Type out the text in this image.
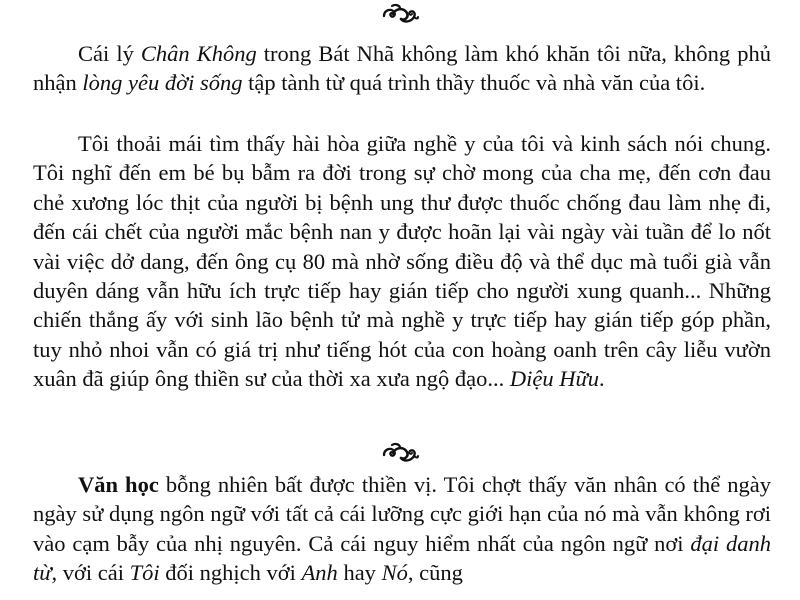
Cái lý Chân Không trong Bát Nhã không làm khó khăn tôi nữa, không phủ nhận lòng yêu đời sống tập tành từ quá trình thầy thuốc và nhà văn của tôi.

Tôi thoải mái tìm thấy hài hòa giữa nghề y của tôi và kinh sách nói chung. Tôi nghĩ đến em bé bụ bẫm ra đời trong sự chờ mong của cha mẹ, đến cơn đau chẻ xương lóc thịt của người bị bệnh ung thư được thuốc chống đau làm nhẹ đi, đến cái chết của người mắc bệnh nan y được hoãn lại vài ngày vài tuần để lo nốt vài việc dở dang, đến ông cụ 80 mà nhờ sống điều độ và thể dục mà tuổi già vẫn duyên dáng vẫn hữu ích trực tiếp hay gián tiếp cho người xung quanh... Những chiến thắng ấy với sinh lão bệnh tử mà nghề y trực tiếp hay gián tiếp góp phần, tuy nhỏ nhoi vẫn có giá trị như tiếng hót của con hoàng oanh trên cây liễu vườn xuân đã giúp ông thiền sư của thời xa xưa ngộ đạo... Diệu Hữu.

Văn học bỗng nhiên bất được thiền vị. Tôi chợt thấy văn nhân có thể ngày ngày sử dụng ngôn ngữ với tất cả cái lưỡng cực giới hạn của nó mà vẫn không rơi vào cạm bẫy của nhị nguyên. Cả cái nguy hiểm nhất của ngôn ngữ nơi đại danh từ, với cái Tôi đối nghịch với Anh hay Nó, cũng
